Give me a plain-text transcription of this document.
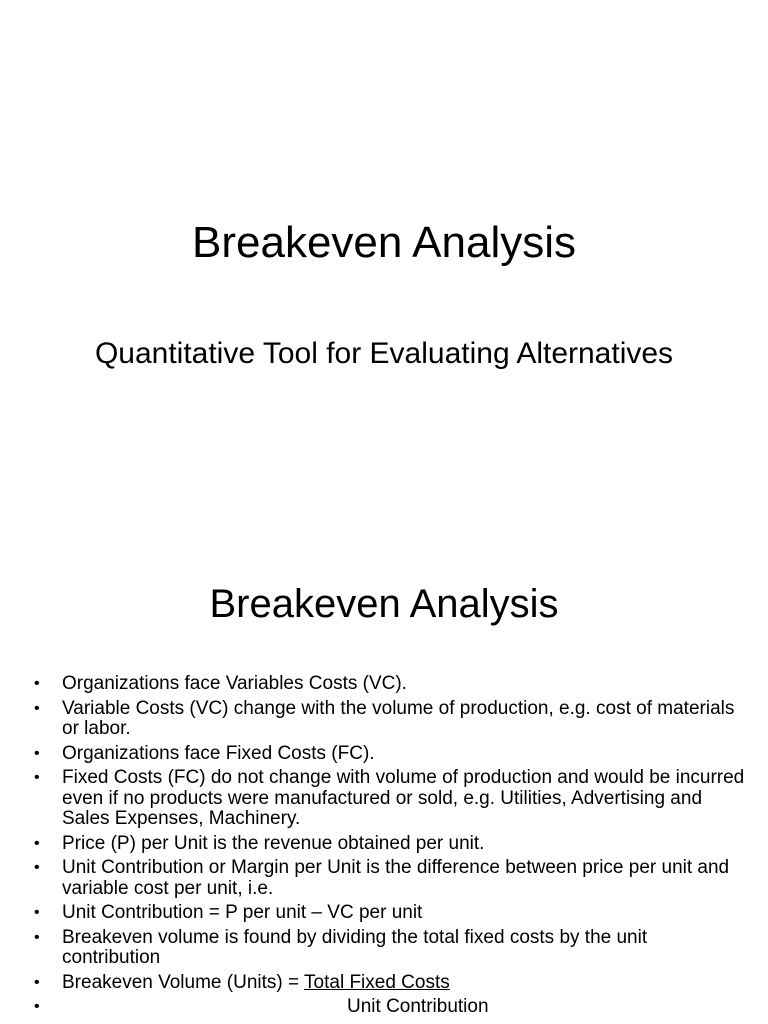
Breakeven Analysis
Quantitative Tool for Evaluating Alternatives
Breakeven Analysis
• Organizations face Variables Costs (VC).
• Variable Costs (VC) change with the volume of production, e.g. cost of materials or labor.
• Organizations face Fixed Costs (FC).
• Fixed Costs (FC) do not change with volume of production and would be incurred even if no products were manufactured or sold, e.g. Utilities, Advertising and Sales Expenses, Machinery.
• Price (P) per Unit is the revenue obtained per unit.
• Unit Contribution or Margin per Unit is the difference between price per unit and variable cost per unit, i.e.
• Unit Contribution = P per unit – VC per unit
• Breakeven volume is found by dividing the total fixed costs by the unit contribution
• Breakeven Volume (Units) = Total Fixed Costs
•	Unit Contribution
